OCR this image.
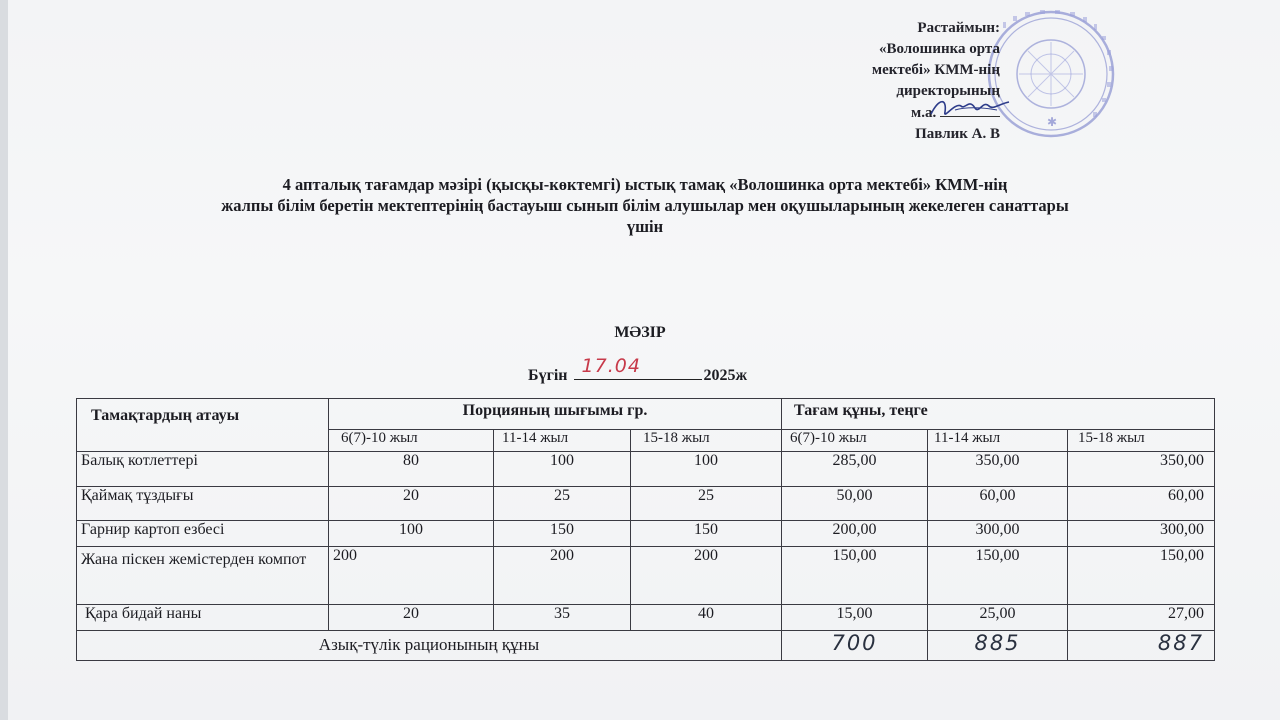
✱
Растаймын:
«Волошинка орта
мектебі» КММ-нің
директорының
м.а.
Павлик А. В
4 апталық тағамдар мәзірі (қысқы-көктемгі) ыстық тамақ «Волошинка орта мектебі» КММ-нің
жалпы білім беретін мектептерінің бастауыш сынып білім алушылар мен оқушыларының жекелеген санаттары
үшін
МӘЗІР
Бүгін 17.04	2025ж
Тамақтардың атауы	Порцияның шығымы гр.			Тағам құны, теңге		
	6(7)-10 жыл	11-14 жыл	15-18 жыл	6(7)-10 жыл	11-14 жыл	15-18 жыл
Балық котлеттері	80	100	100	285,00	350,00	350,00
Қаймақ тұздығы	20	25	25	50,00	60,00	60,00
Гарнир картоп езбесі	100	150	150	200,00	300,00	300,00
Жана піскен жемістерден компот	200	200	200	150,00	150,00	150,00
Қара бидай наны	20	35	40	15,00	25,00	27,00
Азық-түлік рационының құны				700	885	887
